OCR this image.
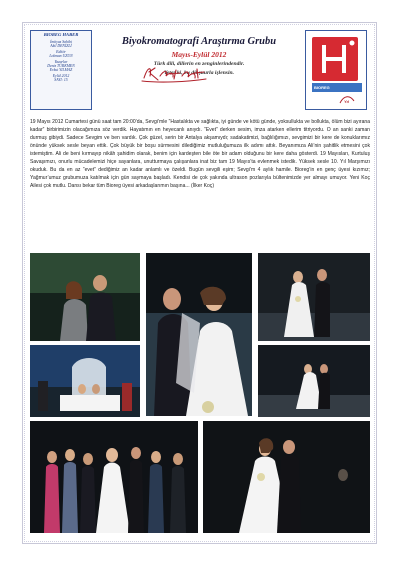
BIOREG HABER
İmtiyaz Sahibi
Akil DENİZLİ
Editör
Lokman UZUN
Yazarlar
Deniz TÜRKMEN
Erkut YILMAZ
Eylül 2012
SAYI: 15
Biyokromatografi Araştırma Grubu
Mayıs-Eylül 2012
Türk dili, dillerin en zenginlerindendir.
Yeter ki, bu dil şuurla işlensin.
BIOREG
Yıl

19 Mayıs 2012 Cumartesi günü saat tam 20:00’da, Sevgi’mle “Hastalıkta ve sağlıkta, iyi günde ve kötü günde, yoksullukta ve bollukta, ölüm bizi ayırana kadar” birbirimizin olacağımıza söz verdik. Hayatımın en heyecanlı anıydı. “Evet” derken sesim, imza atarken ellerim titriyordu. O an sanki zaman durmuş gibiydi. Sadece Sevgim ve ben vardık. Çok güzel, serin bir Antalya akşamıydı; sadakatimizi, bağlılığımızı, sevgimizi bir kere de konuklarımız önünde yüksek sesle beyan ettik. Çok büyük bir boşu sürmesini dilediğimiz mutluluğumuza ilk adımı attık. Beyanımıza Ali’nin şahitlik etmesini çok istemiştim. Ali de beni kırmayıp nikâh şahidim olarak, benim için kardeşten bile öte bir adam olduğunu bir kere daha gösterdi. 19 Mayısları, Kurtuluş Savaşımızı, onurlu mücadelemizi hiçe sayanlara, unutturmaya çalışanlara inat biz tam 19 Mayıs’ta evlenmek istedik. Yüksek sesle 10. Yıl Marşımızı okuduk. Bu da en az “evet” dediğimiz an kadar anlamlı ve özeldi. Bugün sevgili eşim; Sevgi’m 4 aylık hamile. Bioreg’in en genç üyesi kızımız; Yağmur’umuz grubumuza katılmak için gün saymaya başladı. Kendisi de çok yakında ultrason pozlarıyla bültenimizde yer almayı umuyor. Yeni Koç Ailesi çok mutlu. Dansı bekar tüm Bioreg üyesi arkadaşlarımın başına... (İlker Koç)
